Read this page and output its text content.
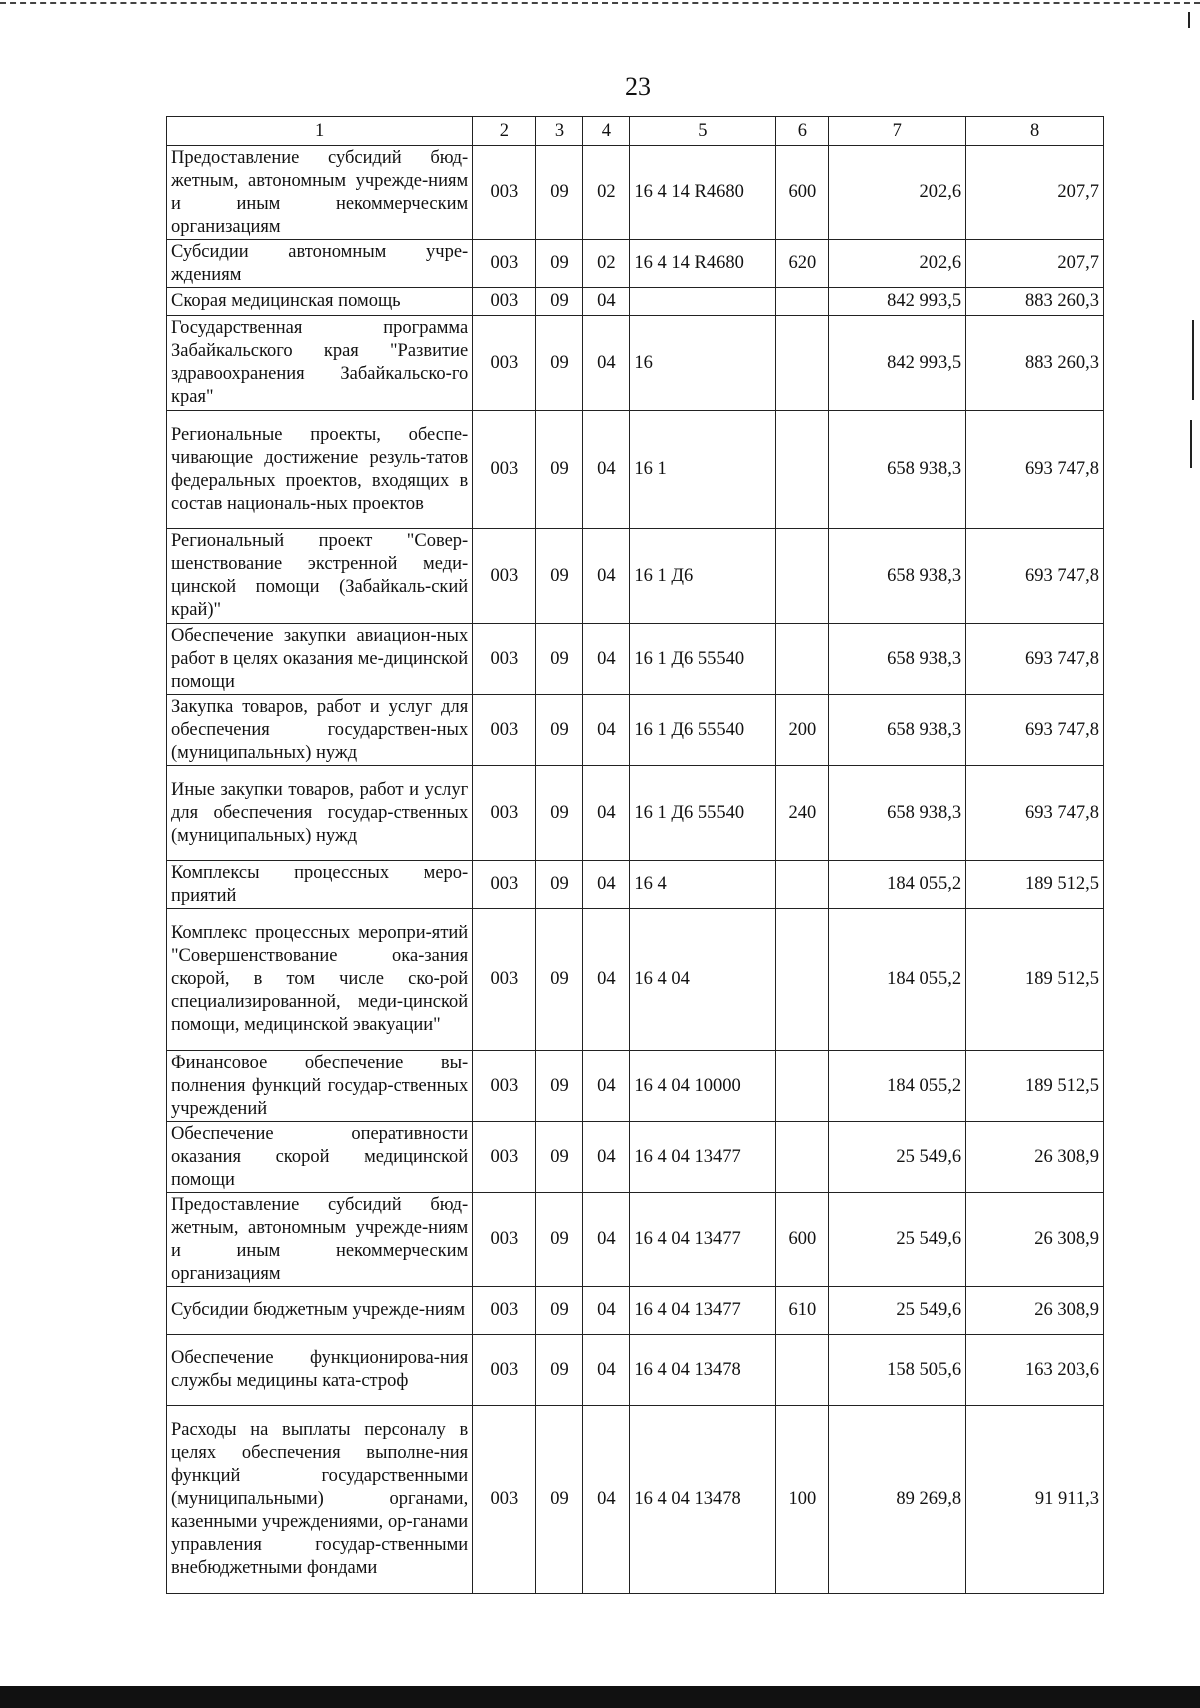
23
1	2	3	4	5	6	7	8
Предоставление субсидий бюд-жетным, автономным учрежде-ниям и иным некоммерческим организациям	003	09	02	16 4 14 R4680	600	202,6	207,7
Субсидии автономным учре-ждениям	003	09	02	16 4 14 R4680	620	202,6	207,7
Скорая медицинская помощь	003	09	04			842 993,5	883 260,3
Государственная программа Забайкальского края "Развитие здравоохранения Забайкальско-го края"	003	09	04	16		842 993,5	883 260,3
Региональные проекты, обеспе-чивающие достижение резуль-татов федеральных проектов, входящих в состав националь-ных проектов	003	09	04	16 1		658 938,3	693 747,8
Региональный проект "Совер-шенствование экстренной меди-цинской помощи (Забайкаль-ский край)"	003	09	04	16 1 Д6		658 938,3	693 747,8
Обеспечение закупки авиацион-ных работ в целях оказания ме-дицинской помощи	003	09	04	16 1 Д6 55540		658 938,3	693 747,8
Закупка товаров, работ и услуг для обеспечения государствен-ных (муниципальных) нужд	003	09	04	16 1 Д6 55540	200	658 938,3	693 747,8
Иные закупки товаров, работ и услуг для обеспечения государ-ственных (муниципальных) нужд	003	09	04	16 1 Д6 55540	240	658 938,3	693 747,8
Комплексы процессных меро-приятий	003	09	04	16 4		184 055,2	189 512,5
Комплекс процессных меропри-ятий "Совершенствование ока-зания скорой, в том числе ско-рой специализированной, меди-цинской помощи, медицинской эвакуации"	003	09	04	16 4 04		184 055,2	189 512,5
Финансовое обеспечение вы-полнения функций государ-ственных учреждений	003	09	04	16 4 04 10000		184 055,2	189 512,5
Обеспечение оперативности оказания скорой медицинской помощи	003	09	04	16 4 04 13477		25 549,6	26 308,9
Предоставление субсидий бюд-жетным, автономным учрежде-ниям и иным некоммерческим организациям	003	09	04	16 4 04 13477	600	25 549,6	26 308,9
Субсидии бюджетным учрежде-ниям	003	09	04	16 4 04 13477	610	25 549,6	26 308,9
Обеспечение функционирова-ния службы медицины ката-строф	003	09	04	16 4 04 13478		158 505,6	163 203,6
Расходы на выплаты персоналу в целях обеспечения выполне-ния функций государственными (муниципальными) органами, казенными учреждениями, ор-ганами управления государ-ственными внебюджетными фондами	003	09	04	16 4 04 13478	100	89 269,8	91 911,3
